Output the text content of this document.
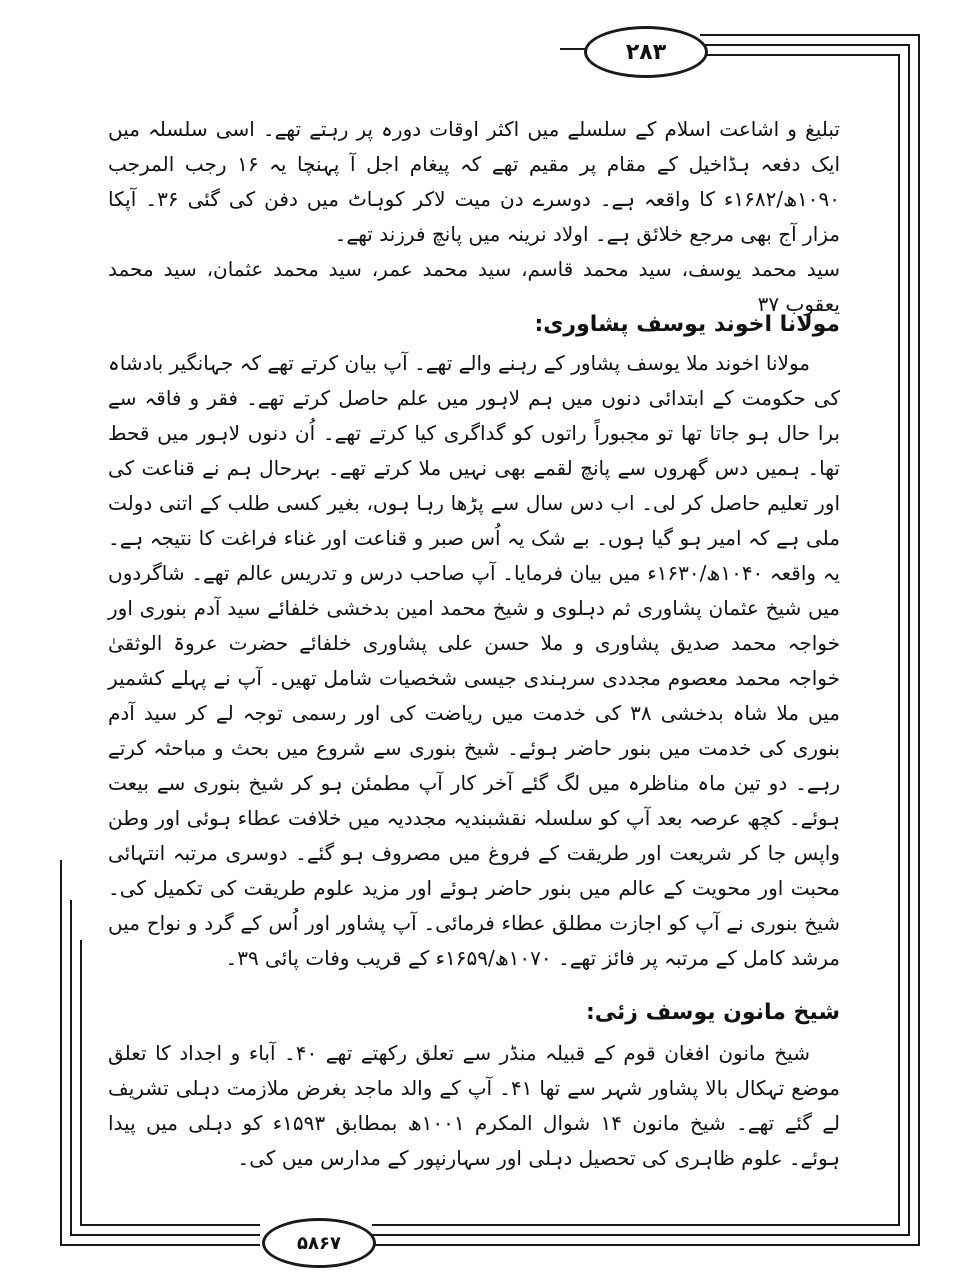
۲۸۳
۵۸۶۷

تبلیغ و اشاعت اسلام کے سلسلے میں اکثر اوقات دورہ پر رہتے تھے۔ اسی سلسلہ میں ایک دفعہ ہڈاخیل کے مقام پر مقیم تھے کہ پیغام اجل آ پہنچا یہ ۱۶ رجب المرجب ۱۰۹۰ھ/۱۶۸۲ء کا واقعہ ہے۔ دوسرے دن میت لاکر کوہاٹ میں دفن کی گئی ۳۶۔ آپکا مزار آج بھی مرجع خلائق ہے۔ اولاد نرینہ میں پانچ فرزند تھے۔

سید محمد یوسف، سید محمد قاسم، سید محمد عمر، سید محمد عثمان، سید محمد یعقوب ۳۷

مولانا اخوند یوسف پشاوری:

مولانا اخوند ملا یوسف پشاور کے رہنے والے تھے۔ آپ بیان کرتے تھے کہ جہانگیر بادشاہ کی حکومت کے ابتدائی دنوں میں ہم لاہور میں علم حاصل کرتے تھے۔ فقر و فاقہ سے برا حال ہو جاتا تھا تو مجبوراً راتوں کو گداگری کیا کرتے تھے۔ اُن دنوں لاہور میں قحط تھا۔ ہمیں دس گھروں سے پانچ لقمے بھی نہیں ملا کرتے تھے۔ بہرحال ہم نے قناعت کی اور تعلیم حاصل کر لی۔ اب دس سال سے پڑھا رہا ہوں، بغیر کسی طلب کے اتنی دولت ملی ہے کہ امیر ہو گیا ہوں۔ بے شک یہ اُس صبر و قناعت اور غناء فراغت کا نتیجہ ہے۔ یہ واقعہ ۱۰۴۰ھ/۱۶۳۰ء میں بیان فرمایا۔ آپ صاحب درس و تدریس عالم تھے۔ شاگردوں میں شیخ عثمان پشاوری ثم دہلوی و شیخ محمد امین بدخشی خلفائے سید آدم بنوری اور خواجہ محمد صدیق پشاوری و ملا حسن علی پشاوری خلفائے حضرت عروۃ الوثقیٰ خواجہ محمد معصوم مجددی سرہندی جیسی شخصیات شامل تھیں۔ آپ نے پہلے کشمیر میں ملا شاہ بدخشی ۳۸ کی خدمت میں ریاضت کی اور رسمی توجہ لے کر سید آدم بنوری کی خدمت میں بنور حاضر ہوئے۔ شیخ بنوری سے شروع میں بحث و مباحثہ کرتے رہے۔ دو تین ماہ مناظرہ میں لگ گئے آخر کار آپ مطمئن ہو کر شیخ بنوری سے بیعت ہوئے۔ کچھ عرصہ بعد آپ کو سلسلہ نقشبندیہ مجددیہ میں خلافت عطاء ہوئی اور وطن واپس جا کر شریعت اور طریقت کے فروغ میں مصروف ہو گئے۔ دوسری مرتبہ انتہائی محبت اور محویت کے عالم میں بنور حاضر ہوئے اور مزید علوم طریقت کی تکمیل کی۔ شیخ بنوری نے آپ کو اجازت مطلق عطاء فرمائی۔ آپ پشاور اور اُس کے گرد و نواح میں مرشد کامل کے مرتبہ پر فائز تھے۔ ۱۰۷۰ھ/۱۶۵۹ء کے قریب وفات پائی ۳۹۔

شیخ مانون یوسف زئی:

شیخ مانون افغان قوم کے قبیلہ منڈر سے تعلق رکھتے تھے ۴۰۔ آباء و اجداد کا تعلق موضع تہکال بالا پشاور شہر سے تھا ۴۱۔ آپ کے والد ماجد بغرض ملازمت دہلی تشریف لے گئے تھے۔ شیخ مانون ۱۴ شوال المکرم ۱۰۰۱ھ بمطابق ۱۵۹۳ء کو دہلی میں پیدا ہوئے۔ علوم ظاہری کی تحصیل دہلی اور سہارنپور کے مدارس میں کی۔
